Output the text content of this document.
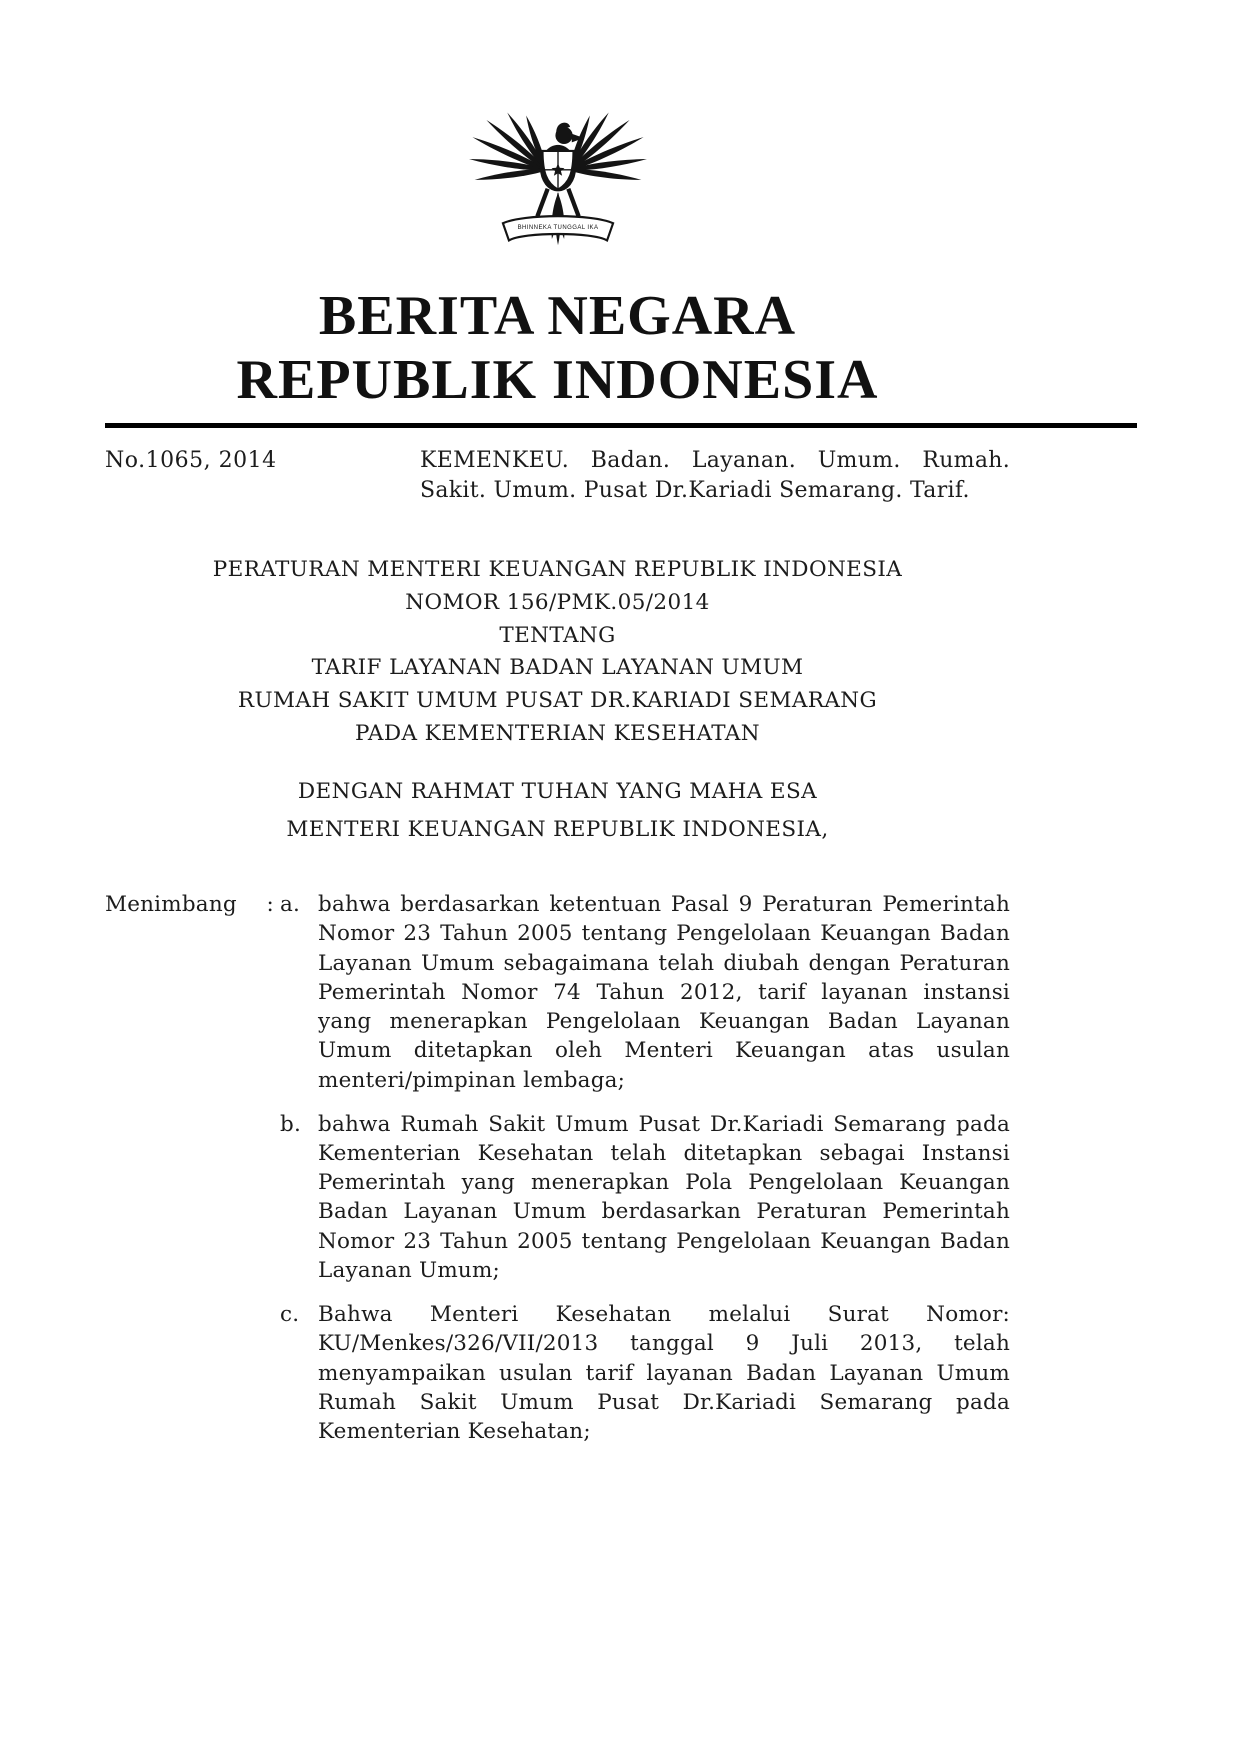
BHINNEKA TUNGGAL IKA
BERITA NEGARA
REPUBLIK INDONESIA
No.1065, 2014	KEMENKEU. Badan. Layanan. Umum. Rumah. Sakit. Umum. Pusat Dr.Kariadi Semarang. Tarif.
PERATURAN MENTERI KEUANGAN REPUBLIK INDONESIA
NOMOR 156/PMK.05/2014
TENTANG
TARIF LAYANAN BADAN LAYANAN UMUM
RUMAH SAKIT UMUM PUSAT DR.KARIADI SEMARANG
PADA KEMENTERIAN KESEHATAN
DENGAN RAHMAT TUHAN YANG MAHA ESA
MENTERI KEUANGAN REPUBLIK INDONESIA,
Menimbang : a. bahwa berdasarkan ketentuan Pasal 9 Peraturan Pemerintah Nomor 23 Tahun 2005 tentang Pengelolaan Keuangan Badan Layanan Umum sebagaimana telah diubah dengan Peraturan Pemerintah Nomor 74 Tahun 2012, tarif layanan instansi yang menerapkan Pengelolaan Keuangan Badan Layanan Umum ditetapkan oleh Menteri Keuangan atas usulan menteri/pimpinan lembaga;
b. bahwa Rumah Sakit Umum Pusat Dr.Kariadi Semarang pada Kementerian Kesehatan telah ditetapkan sebagai Instansi Pemerintah yang menerapkan Pola Pengelolaan Keuangan Badan Layanan Umum berdasarkan Peraturan Pemerintah Nomor 23 Tahun 2005 tentang Pengelolaan Keuangan Badan Layanan Umum;
c. Bahwa Menteri Kesehatan melalui Surat Nomor: KU/Menkes/326/VII/2013 tanggal 9 Juli 2013, telah menyampaikan usulan tarif layanan Badan Layanan Umum Rumah Sakit Umum Pusat Dr.Kariadi Semarang pada Kementerian Kesehatan;
